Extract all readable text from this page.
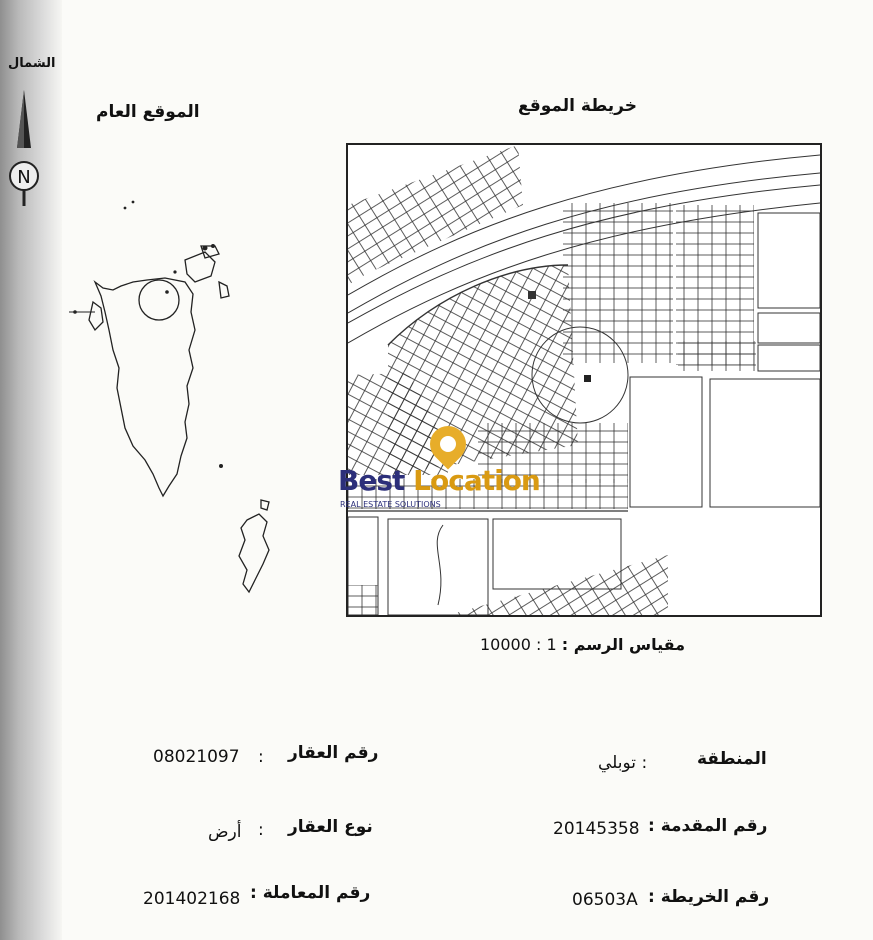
الشمال
N
الموقع العام	خريطة الموقع
Best Location
REAL ESTATE SOLUTIONS
مقياس الرسم : 10000 : 1
المنطقة
: توبلي
رقم العقار
08021097 :
رقم المقدمة :
20145358
نوع العقار
:
أرض
رقم الخريطة :
06503A
رقم المعاملة :
201402168
